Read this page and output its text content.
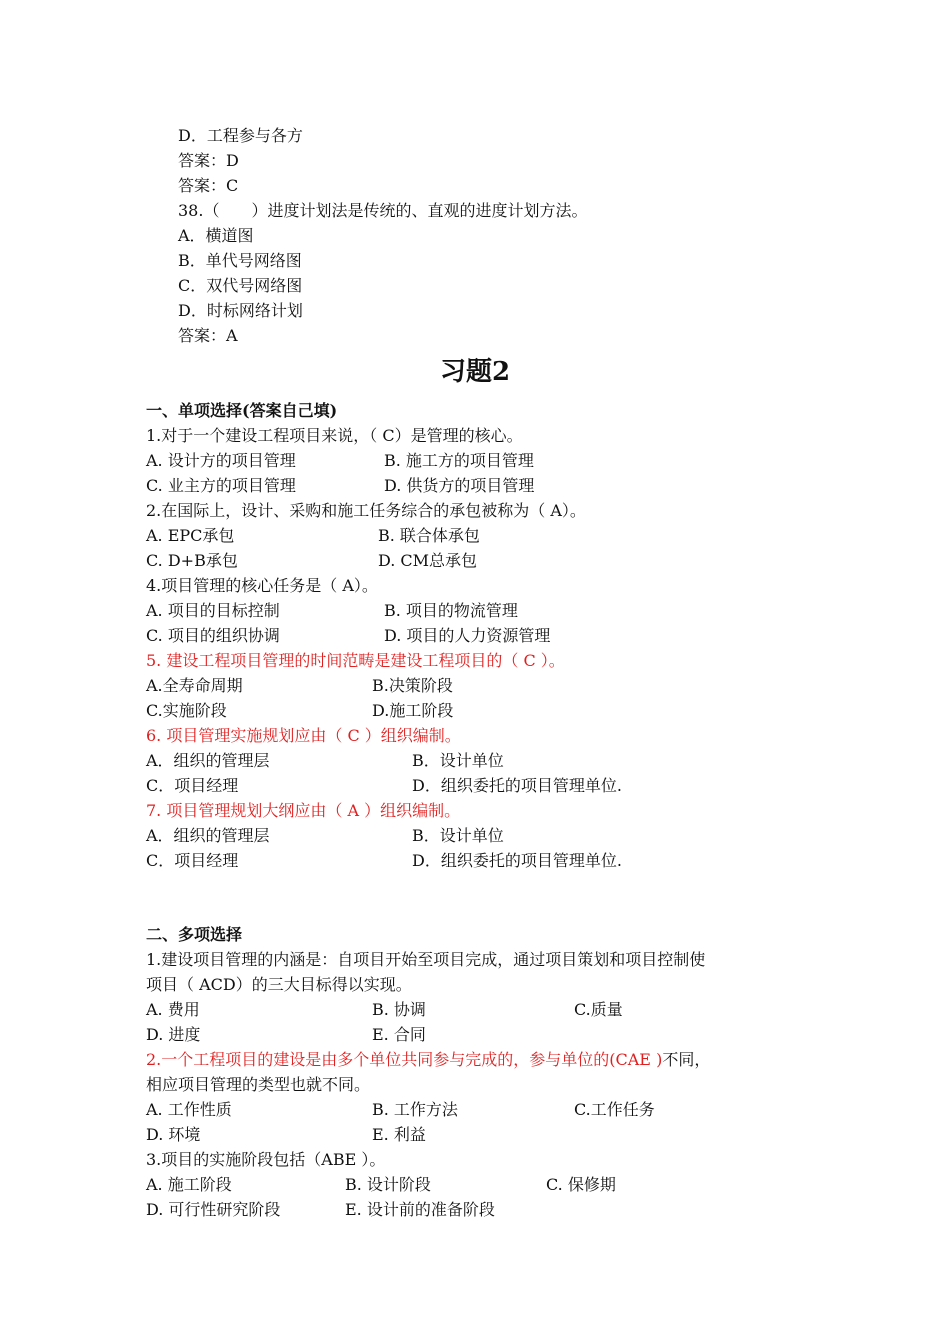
D．工程参与各方
答案：D
答案：C
38.（　　）进度计划法是传统的、直观的进度计划方法。
A．横道图
B．单代号网络图
C．双代号网络图
D．时标网络计划
答案：A
习题2
一、单项选择(答案自己填)
1.对于一个建设工程项目来说，（ C）是管理的核心。
A. 设计方的项目管理	B. 施工方的项目管理
C. 业主方的项目管理	D. 供货方的项目管理
2.在国际上，设计、采购和施工任务综合的承包被称为（ A）。
A. EPC承包	B. 联合体承包
C. D+B承包	D. CM总承包
4.项目管理的核心任务是（ A）。
A. 项目的目标控制	B. 项目的物流管理
C. 项目的组织协调	D. 项目的人力资源管理
5. 建设工程项目管理的时间范畴是建设工程项目的（ C ）。
A.全寿命周期	B.决策阶段
C.实施阶段	D.施工阶段
6. 项目管理实施规划应由（ C ）组织编制。
A．组织的管理层	B．设计单位
C．项目经理	D．组织委托的项目管理单位.
7. 项目管理规划大纲应由（ A ）组织编制。
A．组织的管理层	B．设计单位
C．项目经理	D．组织委托的项目管理单位.
二、多项选择
1.建设项目管理的内涵是：自项目开始至项目完成，通过项目策划和项目控制使
项目（ ACD）的三大目标得以实现。
A. 费用	B. 协调	C.质量
D. 进度	E. 合同
2.一个工程项目的建设是由多个单位共同参与完成的，参与单位的(CAE )不同，
相应项目管理的类型也就不同。
A. 工作性质	B. 工作方法	C.工作任务
D. 环境	E. 利益
3.项目的实施阶段包括（ABE ）。
A. 施工阶段	B. 设计阶段	C. 保修期
D. 可行性研究阶段	E. 设计前的准备阶段
